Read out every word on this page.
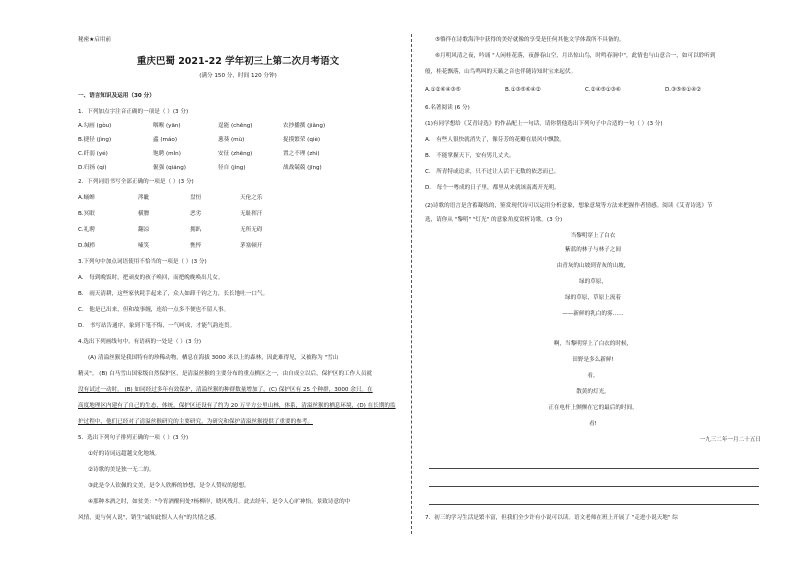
秘密★启用前
重庆巴蜀 2021-22 学年初三上第二次月考语文
(满分 150 分，时间 120 分钟)
一、语言知识及运用（30 分）
1．下列加点字注音正确的一项是（ ）(3 分)
A.勾画 (gòu)	咽喉 (yān)	逞能 (chěng)	农抄播撰 (jiǎng)
B.捷径 (jìng)	蟊 (máo)	葱葵 (mù)	捉摸繁荣 (qiè)
C.纤弱 (yé)	饱聘 (mǐn)	安征 (zhēng)	置之不理 (zhì)
D.归扬 (qí)	倔强 (qiáng)	径自 (jìng)	战战兢兢 (jīng)
2．下列词语书写全部正确的一项是（ ）(3 分)
A.蛹蝉	涔眦	盘恒	天伦之乐
B.冥眠	横膘	恶劣	无耻挥汗
C.礼聘	翻凉	拥趴	无所无碍
D.缄栉	嗑笑	憔悴	茅塞顿开
3.下列句中加点词语使用不恰当的一项是（ ）(3 分)
A． 每到晚饭时，把顽皮的孩子唤回，而把晚晚唤出儿女。
B． 雨天清耕，这些家伙耗手起来了，众人如卸千钧之力，长长地吐一口气。
C． 他是已出来，但和故事缠，连给一点多不便也不留人事。
D． 书写站告通序，象到下笔不悔，一气呵成，才能气韵连贯。
4.选出下列画线句中，有语病的一处是（ ）(3 分)
(A) 清溢丝猴是我国特有的珍稀动物，栖息在海拔 3000 米以上的森林，因此难得见，又被称为 "雪山
精灵"。 (B) 白马雪山国家级自然保护区，是清溢丝猴的主要分布的重点栖区之一，由自成立以后，保护区的工作人员就
没有试过一动时。 (B) 如同经过多年有效保护，清溢丝猴的种群数量增加了，(C) 保护区有 25 个种群，3000 余只。在
高度地理区内建有了自己的生态，体统，保护区还设有了约为 20 万平方公里山林，体系，清溢丝猴的栖息环境，(D) 在长期的监
护过程中，他们已经对了清溢丝猴研究的主要研究，为研究和保护清溢丝猴提供了重要的参考。
5．选出下列句子排列正确的一项（ ）(3 分)
①好的诗词远超越文化地域。
②诗歌的美是独一无二的。
③此是令人钦佩的文美，是令人欣醉的妙想，是令人赞叹的慰想。
④那种本酒之时，如贫美："今宵酒醒何处?杨柳岸，晓风残月。此去经年，是令人心旷神怡，景致诗意的中
风情，更与何人说"，销生"诚知此恨人人有"的共情之感。
⑤徜徉在诗歌海洋中获得的美好就像的享受是任何其他文学体裁所不具备的。
⑥月明风清之夜，吟诵 "人闲桂花落，夜静春山空，月出惊山鸟，时鸣春涧中"，此情也与山意合一，如可以聆听到
般，桂花飘落，山鸟鸣叫的天籁之音也伴随诗知时宝来起伏。
A.①②⑥④③⑤	B.①③⑤⑥④②	C.②④⑤①③⑥	D.③⑤⑥①④②
6.名著阅读 (6 分)
(1)有同学想给《艾青诗选》的作品配上一句话，请你帮他选出下列句子中合适的一句（ ）(3 分)
A． 有些人很快就消失了，像芬芳的花瓣在晨风中飘散。
B． 不能掌握天下，安有男儿丈夫。
C． 所青特或追求，只不过让人活于无数的依恋而已。
D． 每个一粤成的日子里，都里从来就该南离开光明。
(2)诗歌的语言是含蓄凝练的，鉴赏现代诗可以运用分析意象，想象意境等方法来把握作者情感。阅读《艾青诗选》节
选，请你从 "黎明" "灯光" 的意象角度赏析诗歌。(3 分)
当黎明穿上了白衣
紫蓝的林子与林子之间
由青灰的山坡到青灰的山坡，
绿的草原，
绿的草原，草原上流着
——新鲜的乳白的雾……
啊，当黎明穿上了白衣的时候，
田野是多么新鲜!
看，
散黄的灯光，
正在电杆上颤颤在它的最后的时间。
看!
一九三二年一月二十五日
7．初三的学习生活是繁丰富，但我们全少许有小说可以读。语文老师在班上开展了 "走进小说天地" 综
